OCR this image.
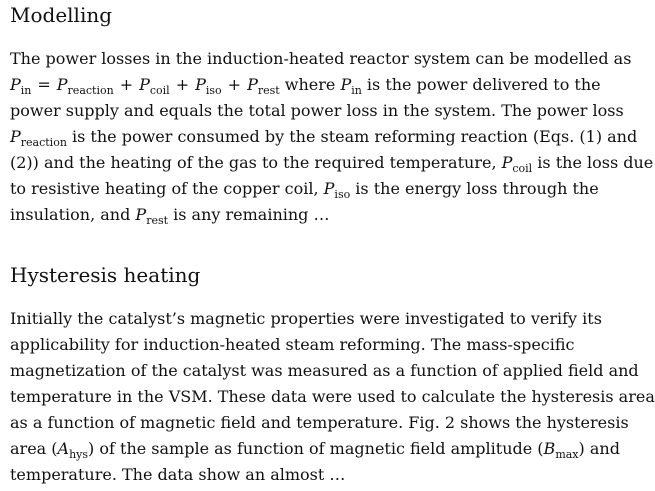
Modelling
The power losses in the induction-heated reactor system can be modelled as
$P_{in} = P_{reaction} + P_{coil} + P_{iso} + P_{rest}$ where $P_{in}$ is the power delivered to the
power supply and equals the total power loss in the system. The power loss
$P_{reaction}$ is the power consumed by the steam reforming reaction (Eqs. (1) and
(2)) and the heating of the gas to the required temperature, $P_{coil}$ is the loss due
to resistive heating of the copper coil, $P_{iso}$ is the energy loss through the
insulation, and $P_{rest}$ is any remaining …
Hysteresis heating
Initially the catalyst’s magnetic properties were investigated to verify its
applicability for induction-heated steam reforming. The mass-specific
magnetization of the catalyst was measured as a function of applied field and
temperature in the VSM. These data were used to calculate the hysteresis area
as a function of magnetic field and temperature. Fig. 2 shows the hysteresis
area $(A_{hys})$ of the sample as function of magnetic field amplitude $(B_{max})$ and
temperature. The data show an almost …
